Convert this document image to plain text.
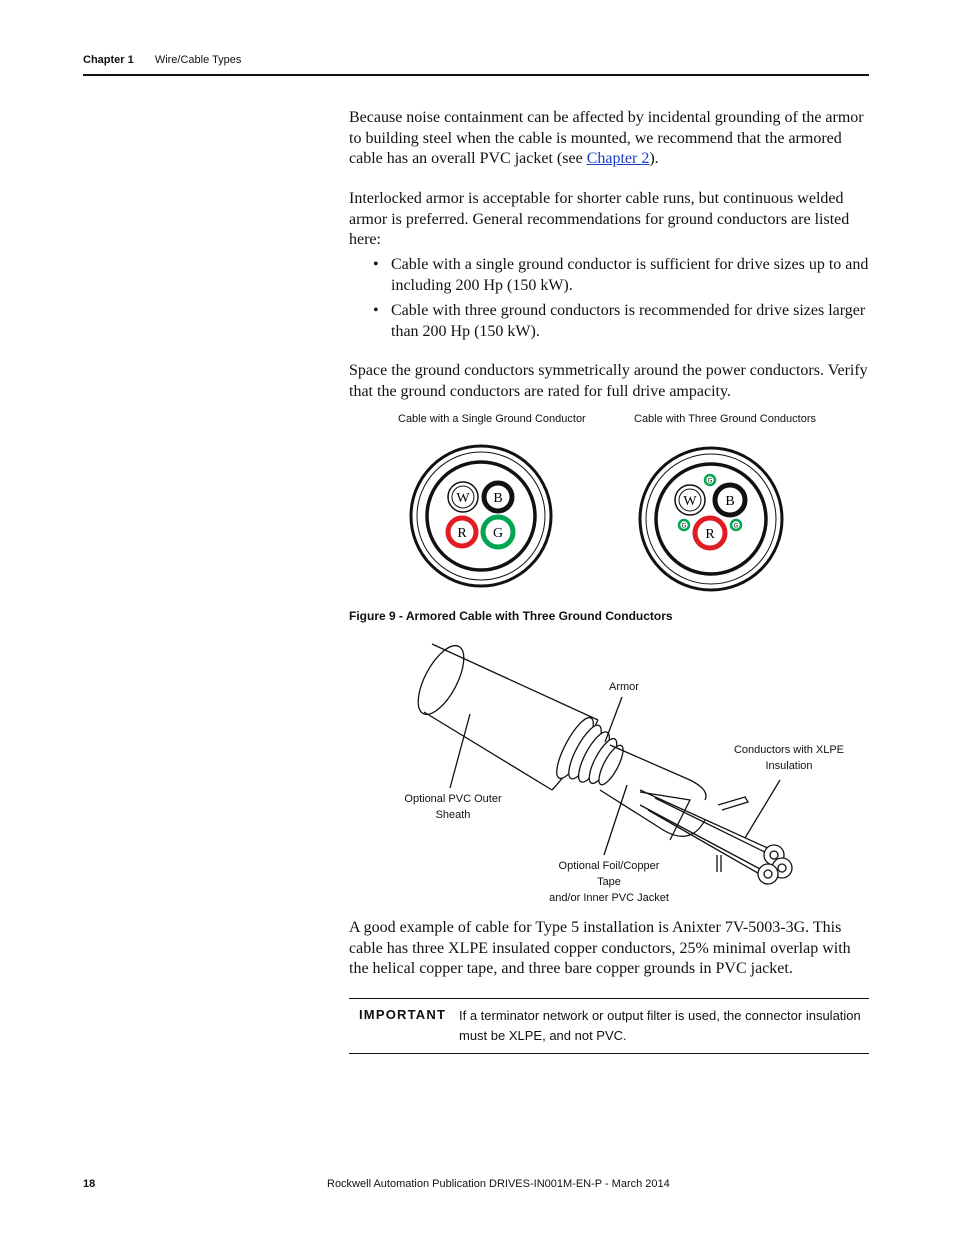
Chapter 1 Wire/Cable Types
Because noise containment can be affected by incidental grounding of the armor to building steel when the cable is mounted, we recommend that the armored cable has an overall PVC jacket (see Chapter 2).
Interlocked armor is acceptable for shorter cable runs, but continuous welded armor is preferred. General recommendations for ground conductors are listed here:
• Cable with a single ground conductor is sufficient for drive sizes up to and including 200 Hp (150 kW).
• Cable with three ground conductors is recommended for drive sizes larger than 200 Hp (150 kW).
Space the ground conductors symmetrically around the power conductors. Verify that the ground conductors are rated for full drive ampacity.
Cable with a Single Ground Conductor	Cable with Three Ground Conductors
W B
R G
W B
R
G
G	G
Figure 9 - Armored Cable with Three Ground Conductors
Armor
Conductors with XLPE
Insulation
Optional PVC Outer Sheath
Optional Foil/Copper Tape
and/or Inner PVC Jacket
A good example of cable for Type 5 installation is Anixter 7V-5003-3G. This cable has three XLPE insulated copper conductors, 25% minimal overlap with the helical copper tape, and three bare copper grounds in PVC jacket.
IMPORTANT If a terminator network or output filter is used, the connector insulation must be XLPE, and not PVC.
18	Rockwell Automation Publication DRIVES-IN001M-EN-P - March 2014
